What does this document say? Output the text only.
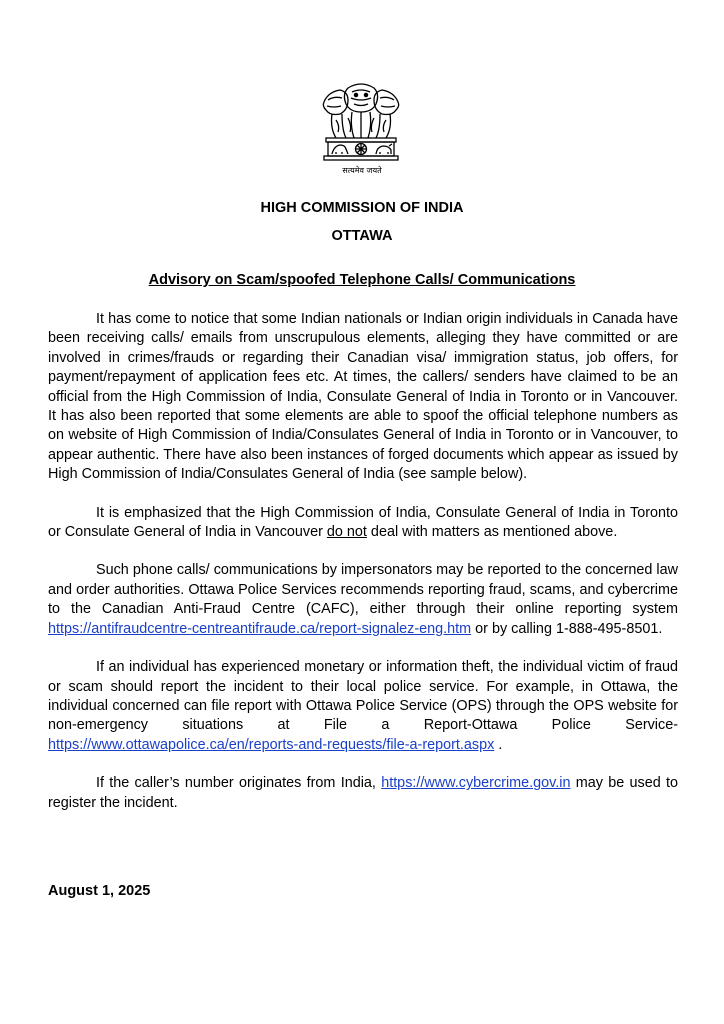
सत्यमेव जयते
HIGH COMMISSION OF INDIA
OTTAWA
Advisory on Scam/spoofed Telephone Calls/ Communications

It has come to notice that some Indian nationals or Indian origin individuals in Canada have been receiving calls/ emails from unscrupulous elements, alleging they have committed or are involved in crimes/frauds or regarding their Canadian visa/ immigration status, job offers, for payment/repayment of application fees etc. At times, the callers/ senders have claimed to be an official from the High Commission of India, Consulate General of India in Toronto or in Vancouver. It has also been reported that some elements are able to spoof the official telephone numbers as on website of High Commission of India/Consulates General of India in Toronto or in Vancouver, to appear authentic. There have also been instances of forged documents which appear as issued by High Commission of India/Consulates General of India (see sample below).

It is emphasized that the High Commission of India, Consulate General of India in Toronto or Consulate General of India in Vancouver do not deal with matters as mentioned above.

Such phone calls/ communications by impersonators may be reported to the concerned law and order authorities. Ottawa Police Services recommends reporting fraud, scams, and cybercrime to the Canadian Anti-Fraud Centre (CAFC), either through their online reporting system https://antifraudcentre-centreantifraude.ca/report-signalez-eng.htm or by calling 1-888-495-8501.

If an individual has experienced monetary or information theft, the individual victim of fraud or scam should report the incident to their local police service. For example, in Ottawa, the individual concerned can file report with Ottawa Police Service (OPS) through the OPS website for non-emergency situations at File a Report-Ottawa Police Service-https://www.ottawapolice.ca/en/reports-and-requests/file-a-report.aspx .

If the caller’s number originates from India, https://www.cybercrime.gov.in may be used to register the incident.

August 1, 2025
